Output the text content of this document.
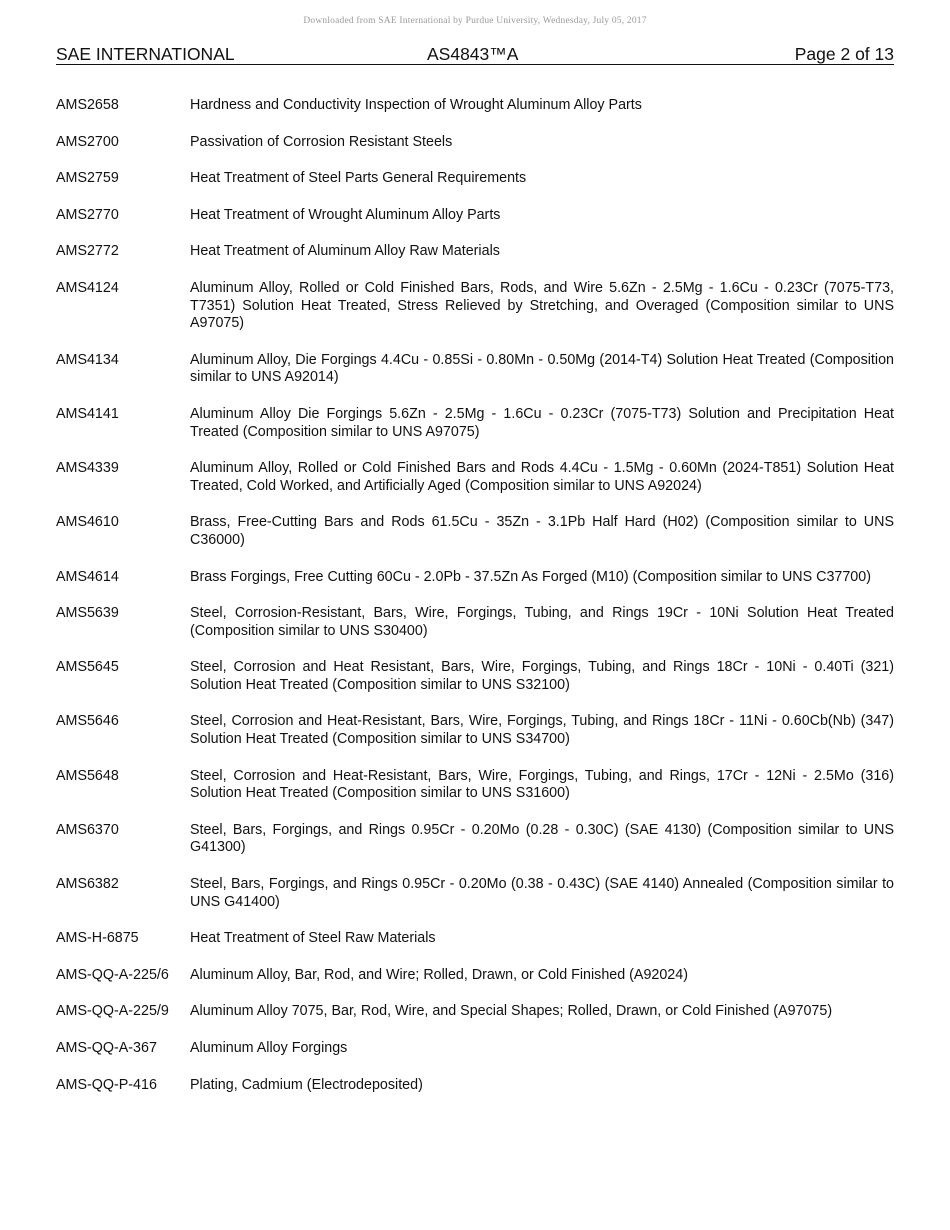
Downloaded from SAE International by Purdue University, Wednesday, July 05, 2017
SAE INTERNATIONAL	AS4843™A	Page 2 of 13
AMS2658	Hardness and Conductivity Inspection of Wrought Aluminum Alloy Parts
AMS2700	Passivation of Corrosion Resistant Steels
AMS2759	Heat Treatment of Steel Parts General Requirements
AMS2770	Heat Treatment of Wrought Aluminum Alloy Parts
AMS2772	Heat Treatment of Aluminum Alloy Raw Materials
AMS4124	Aluminum Alloy, Rolled or Cold Finished Bars, Rods, and Wire 5.6Zn - 2.5Mg - 1.6Cu - 0.23Cr (7075-T73, T7351) Solution Heat Treated, Stress Relieved by Stretching, and Overaged (Composition similar to UNS A97075)
AMS4134	Aluminum Alloy, Die Forgings 4.4Cu - 0.85Si - 0.80Mn - 0.50Mg (2014-T4) Solution Heat Treated (Composition similar to UNS A92014)
AMS4141	Aluminum Alloy Die Forgings 5.6Zn - 2.5Mg - 1.6Cu - 0.23Cr (7075-T73) Solution and Precipitation Heat Treated (Composition similar to UNS A97075)
AMS4339	Aluminum Alloy, Rolled or Cold Finished Bars and Rods 4.4Cu - 1.5Mg - 0.60Mn (2024-T851) Solution Heat Treated, Cold Worked, and Artificially Aged (Composition similar to UNS A92024)
AMS4610	Brass, Free-Cutting Bars and Rods 61.5Cu - 35Zn - 3.1Pb Half Hard (H02) (Composition similar to UNS C36000)
AMS4614	Brass Forgings, Free Cutting 60Cu - 2.0Pb - 37.5Zn As Forged (M10) (Composition similar to UNS C37700)
AMS5639	Steel, Corrosion-Resistant, Bars, Wire, Forgings, Tubing, and Rings 19Cr - 10Ni Solution Heat Treated (Composition similar to UNS S30400)
AMS5645	Steel, Corrosion and Heat Resistant, Bars, Wire, Forgings, Tubing, and Rings 18Cr - 10Ni - 0.40Ti (321) Solution Heat Treated (Composition similar to UNS S32100)
AMS5646	Steel, Corrosion and Heat-Resistant, Bars, Wire, Forgings, Tubing, and Rings 18Cr - 11Ni - 0.60Cb(Nb) (347) Solution Heat Treated (Composition similar to UNS S34700)
AMS5648	Steel, Corrosion and Heat-Resistant, Bars, Wire, Forgings, Tubing, and Rings, 17Cr - 12Ni - 2.5Mo (316) Solution Heat Treated (Composition similar to UNS S31600)
AMS6370	Steel, Bars, Forgings, and Rings 0.95Cr - 0.20Mo (0.28 - 0.30C) (SAE 4130) (Composition similar to UNS G41300)
AMS6382	Steel, Bars, Forgings, and Rings 0.95Cr - 0.20Mo (0.38 - 0.43C) (SAE 4140) Annealed (Composition similar to UNS G41400)
AMS-H-6875	Heat Treatment of Steel Raw Materials
AMS-QQ-A-225/6	Aluminum Alloy, Bar, Rod, and Wire; Rolled, Drawn, or Cold Finished (A92024)
AMS-QQ-A-225/9	Aluminum Alloy 7075, Bar, Rod, Wire, and Special Shapes; Rolled, Drawn, or Cold Finished (A97075)
AMS-QQ-A-367	Aluminum Alloy Forgings
AMS-QQ-P-416	Plating, Cadmium (Electrodeposited)
